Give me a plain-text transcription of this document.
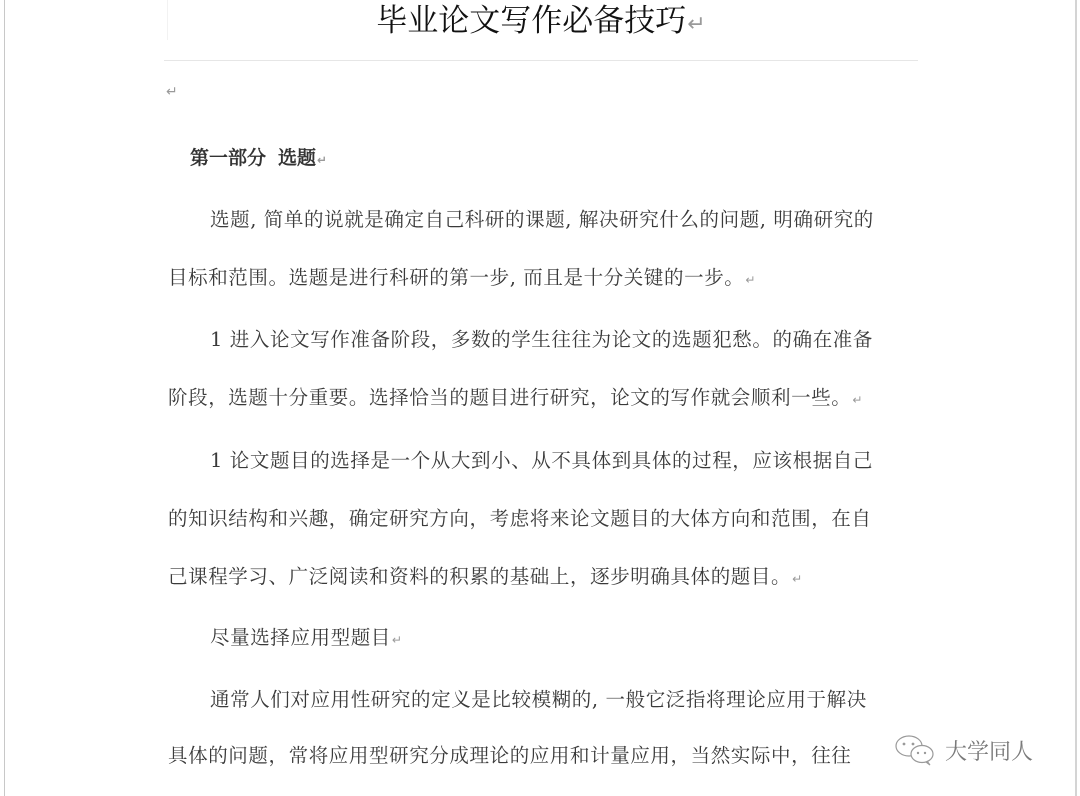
毕业论文写作必备技巧↵
↵
第一部分 选题↵
选题, 简单的说就是确定自己科研的课题, 解决研究什么的问题, 明确研究的
目标和范围。选题是进行科研的第一步, 而且是十分关键的一步。↵
1 进入论文写作准备阶段，多数的学生往往为论文的选题犯愁。的确在准备
阶段，选题十分重要。选择恰当的题目进行研究，论文的写作就会顺利一些。↵
1 论文题目的选择是一个从大到小、从不具体到具体的过程，应该根据自己
的知识结构和兴趣，确定研究方向，考虑将来论文题目的大体方向和范围，在自
己课程学习、广泛阅读和资料的积累的基础上，逐步明确具体的题目。↵
尽量选择应用型题目↵
通常人们对应用性研究的定义是比较模糊的, 一般它泛指将理论应用于解决
具体的问题，常将应用型研究分成理论的应用和计量应用，当然实际中，往往	大学同人
